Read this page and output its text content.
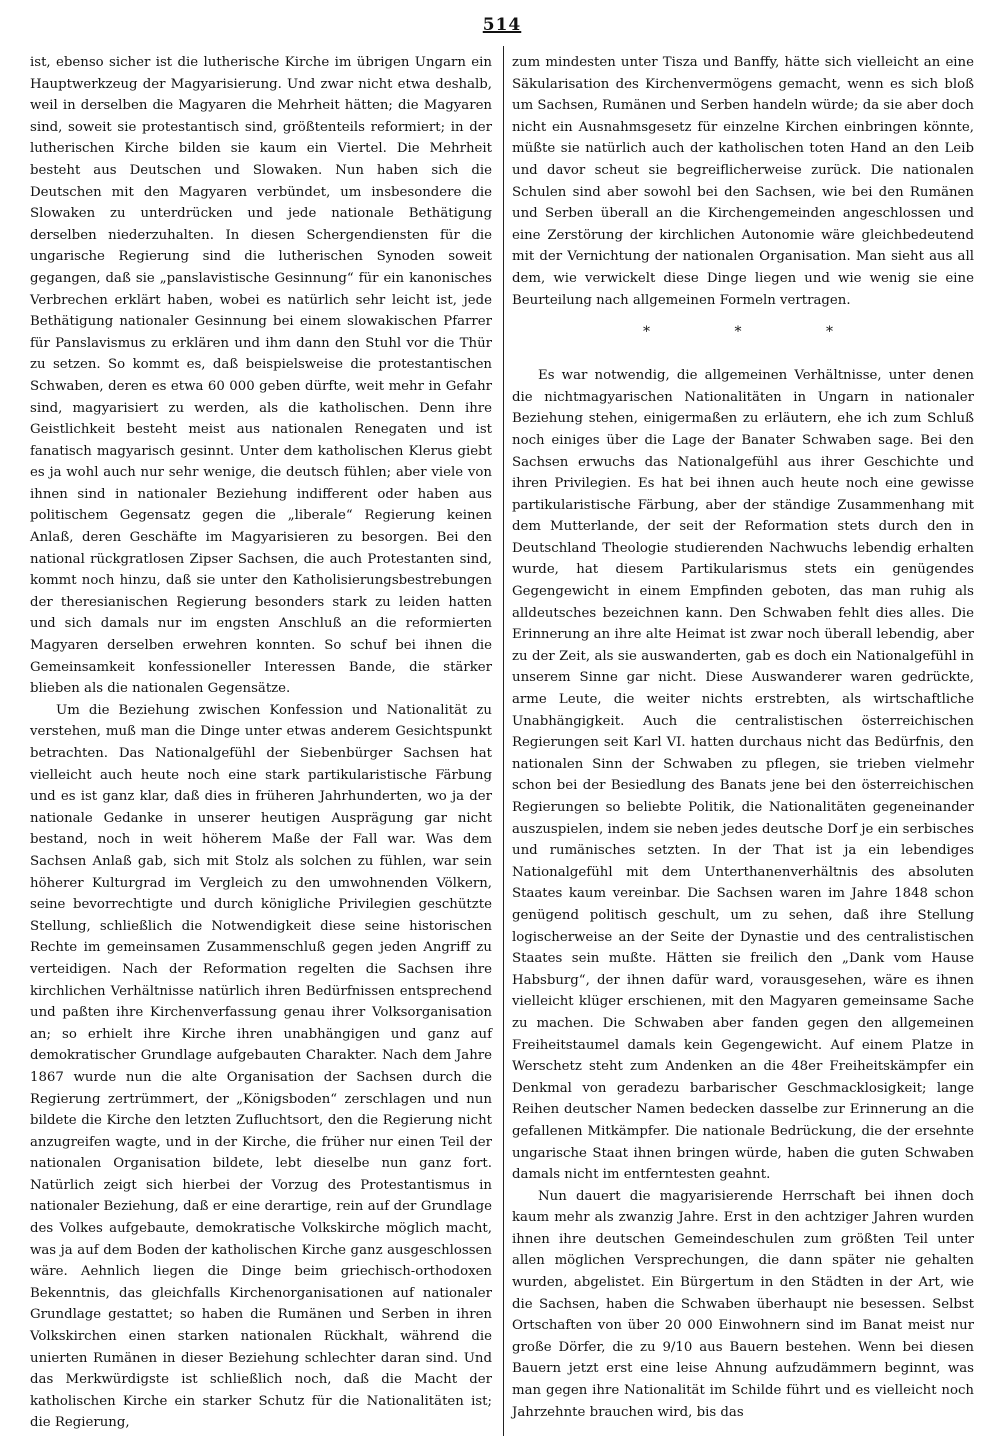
514

ist, ebenso sicher ist die lutherische Kirche im übrigen Ungarn ein Hauptwerkzeug der Magyarisierung. Und zwar nicht etwa deshalb, weil in derselben die Magyaren die Mehrheit hätten; die Magyaren sind, soweit sie protestantisch sind, größtenteils reformiert; in der lutherischen Kirche bilden sie kaum ein Viertel. Die Mehrheit besteht aus Deutschen und Slowaken. Nun haben sich die Deutschen mit den Magyaren verbündet, um insbesondere die Slowaken zu unterdrücken und jede nationale Bethätigung derselben niederzuhalten. In diesen Schergendiensten für die ungarische Regierung sind die lutherischen Synoden soweit gegangen, daß sie „panslavistische Gesinnung“ für ein kanonisches Verbrechen erklärt haben, wobei es natürlich sehr leicht ist, jede Bethätigung nationaler Gesinnung bei einem slowakischen Pfarrer für Panslavismus zu erklären und ihm dann den Stuhl vor die Thür zu setzen. So kommt es, daß beispielsweise die protestantischen Schwaben, deren es etwa 60 000 geben dürfte, weit mehr in Gefahr sind, magyarisiert zu werden, als die katholischen. Denn ihre Geistlichkeit besteht meist aus nationalen Renegaten und ist fanatisch magyarisch gesinnt. Unter dem katholischen Klerus giebt es ja wohl auch nur sehr wenige, die deutsch fühlen; aber viele von ihnen sind in nationaler Beziehung indifferent oder haben aus politischem Gegensatz gegen die „liberale“ Regierung keinen Anlaß, deren Geschäfte im Magyarisieren zu besorgen. Bei den national rückgratlosen Zipser Sachsen, die auch Protestanten sind, kommt noch hinzu, daß sie unter den Katholisierungsbestrebungen der theresianischen Regierung besonders stark zu leiden hatten und sich damals nur im engsten Anschluß an die reformierten Magyaren derselben erwehren konnten. So schuf bei ihnen die Gemeinsamkeit konfessioneller Interessen Bande, die stärker blieben als die nationalen Gegensätze.

Um die Beziehung zwischen Konfession und Nationalität zu verstehen, muß man die Dinge unter etwas anderem Gesichtspunkt betrachten. Das Nationalgefühl der Siebenbürger Sachsen hat vielleicht auch heute noch eine stark partikularistische Färbung und es ist ganz klar, daß dies in früheren Jahrhunderten, wo ja der nationale Gedanke in unserer heutigen Ausprägung gar nicht bestand, noch in weit höherem Maße der Fall war. Was dem Sachsen Anlaß gab, sich mit Stolz als solchen zu fühlen, war sein höherer Kulturgrad im Vergleich zu den umwohnenden Völkern, seine bevorrechtigte und durch königliche Privilegien geschützte Stellung, schließlich die Notwendigkeit diese seine historischen Rechte im gemeinsamen Zusammenschluß gegen jeden Angriff zu verteidigen. Nach der Reformation regelten die Sachsen ihre kirchlichen Verhältnisse natürlich ihren Bedürfnissen entsprechend und paßten ihre Kirchenverfassung genau ihrer Volksorganisation an; so erhielt ihre Kirche ihren unabhängigen und ganz auf demokratischer Grundlage aufgebauten Charakter. Nach dem Jahre 1867 wurde nun die alte Organisation der Sachsen durch die Regierung zertrümmert, der „Königsboden“ zerschlagen und nun bildete die Kirche den letzten Zufluchtsort, den die Regierung nicht anzugreifen wagte, und in der Kirche, die früher nur einen Teil der nationalen Organisation bildete, lebt dieselbe nun ganz fort. Natürlich zeigt sich hierbei der Vorzug des Protestantismus in nationaler Beziehung, daß er eine derartige, rein auf der Grundlage des Volkes aufgebaute, demokratische Volkskirche möglich macht, was ja auf dem Boden der katholischen Kirche ganz ausgeschlossen wäre. Aehnlich liegen die Dinge beim griechisch-orthodoxen Bekenntnis, das gleichfalls Kirchenorganisationen auf nationaler Grundlage gestattet; so haben die Rumänen und Serben in ihren Volkskirchen einen starken nationalen Rückhalt, während die unierten Rumänen in dieser Beziehung schlechter daran sind. Und das Merkwürdigste ist schließlich noch, daß die Macht der katholischen Kirche ein starker Schutz für die Nationalitäten ist; die Regierung,

zum mindesten unter Tisza und Banffy, hätte sich vielleicht an eine Säkularisation des Kirchenvermögens gemacht, wenn es sich bloß um Sachsen, Rumänen und Serben handeln würde; da sie aber doch nicht ein Ausnahmsgesetz für einzelne Kirchen einbringen könnte, müßte sie natürlich auch der katholischen toten Hand an den Leib und davor scheut sie begreiflicherweise zurück. Die nationalen Schulen sind aber sowohl bei den Sachsen, wie bei den Rumänen und Serben überall an die Kirchengemeinden angeschlossen und eine Zerstörung der kirchlichen Autonomie wäre gleichbedeutend mit der Vernichtung der nationalen Organisation. Man sieht aus all dem, wie verwickelt diese Dinge liegen und wie wenig sie eine Beurteilung nach allgemeinen Formeln vertragen.

* * *

Es war notwendig, die allgemeinen Verhältnisse, unter denen die nichtmagyarischen Nationalitäten in Ungarn in nationaler Beziehung stehen, einigermaßen zu erläutern, ehe ich zum Schluß noch einiges über die Lage der Banater Schwaben sage. Bei den Sachsen erwuchs das Nationalgefühl aus ihrer Geschichte und ihren Privilegien. Es hat bei ihnen auch heute noch eine gewisse partikularistische Färbung, aber der ständige Zusammenhang mit dem Mutterlande, der seit der Reformation stets durch den in Deutschland Theologie studierenden Nachwuchs lebendig erhalten wurde, hat diesem Partikularismus stets ein genügendes Gegengewicht in einem Empfinden geboten, das man ruhig als alldeutsches bezeichnen kann. Den Schwaben fehlt dies alles. Die Erinnerung an ihre alte Heimat ist zwar noch überall lebendig, aber zu der Zeit, als sie auswanderten, gab es doch ein Nationalgefühl in unserem Sinne gar nicht. Diese Auswanderer waren gedrückte, arme Leute, die weiter nichts erstrebten, als wirtschaftliche Unabhängigkeit. Auch die centralistischen österreichischen Regierungen seit Karl VI. hatten durchaus nicht das Bedürfnis, den nationalen Sinn der Schwaben zu pflegen, sie trieben vielmehr schon bei der Besiedlung des Banats jene bei den österreichischen Regierungen so beliebte Politik, die Nationalitäten gegeneinander auszuspielen, indem sie neben jedes deutsche Dorf je ein serbisches und rumänisches setzten. In der That ist ja ein lebendiges Nationalgefühl mit dem Unterthanenverhältnis des absoluten Staates kaum vereinbar. Die Sachsen waren im Jahre 1848 schon genügend politisch geschult, um zu sehen, daß ihre Stellung logischerweise an der Seite der Dynastie und des centralistischen Staates sein mußte. Hätten sie freilich den „Dank vom Hause Habsburg“, der ihnen dafür ward, vorausgesehen, wäre es ihnen vielleicht klüger erschienen, mit den Magyaren gemeinsame Sache zu machen. Die Schwaben aber fanden gegen den allgemeinen Freiheitstaumel damals kein Gegengewicht. Auf einem Platze in Werschetz steht zum Andenken an die 48er Freiheitskämpfer ein Denkmal von geradezu barbarischer Geschmacklosigkeit; lange Reihen deutscher Namen bedecken dasselbe zur Erinnerung an die gefallenen Mitkämpfer. Die nationale Bedrückung, die der ersehnte ungarische Staat ihnen bringen würde, haben die guten Schwaben damals nicht im entferntesten geahnt.

Nun dauert die magyarisierende Herrschaft bei ihnen doch kaum mehr als zwanzig Jahre. Erst in den achtziger Jahren wurden ihnen ihre deutschen Gemeindeschulen zum größten Teil unter allen möglichen Versprechungen, die dann später nie gehalten wurden, abgelistet. Ein Bürgertum in den Städten in der Art, wie die Sachsen, haben die Schwaben überhaupt nie besessen. Selbst Ortschaften von über 20 000 Einwohnern sind im Banat meist nur große Dörfer, die zu 9/10 aus Bauern bestehen. Wenn bei diesen Bauern jetzt erst eine leise Ahnung aufzudämmern beginnt, was man gegen ihre Nationalität im Schilde führt und es vielleicht noch Jahrzehnte brauchen wird, bis das
